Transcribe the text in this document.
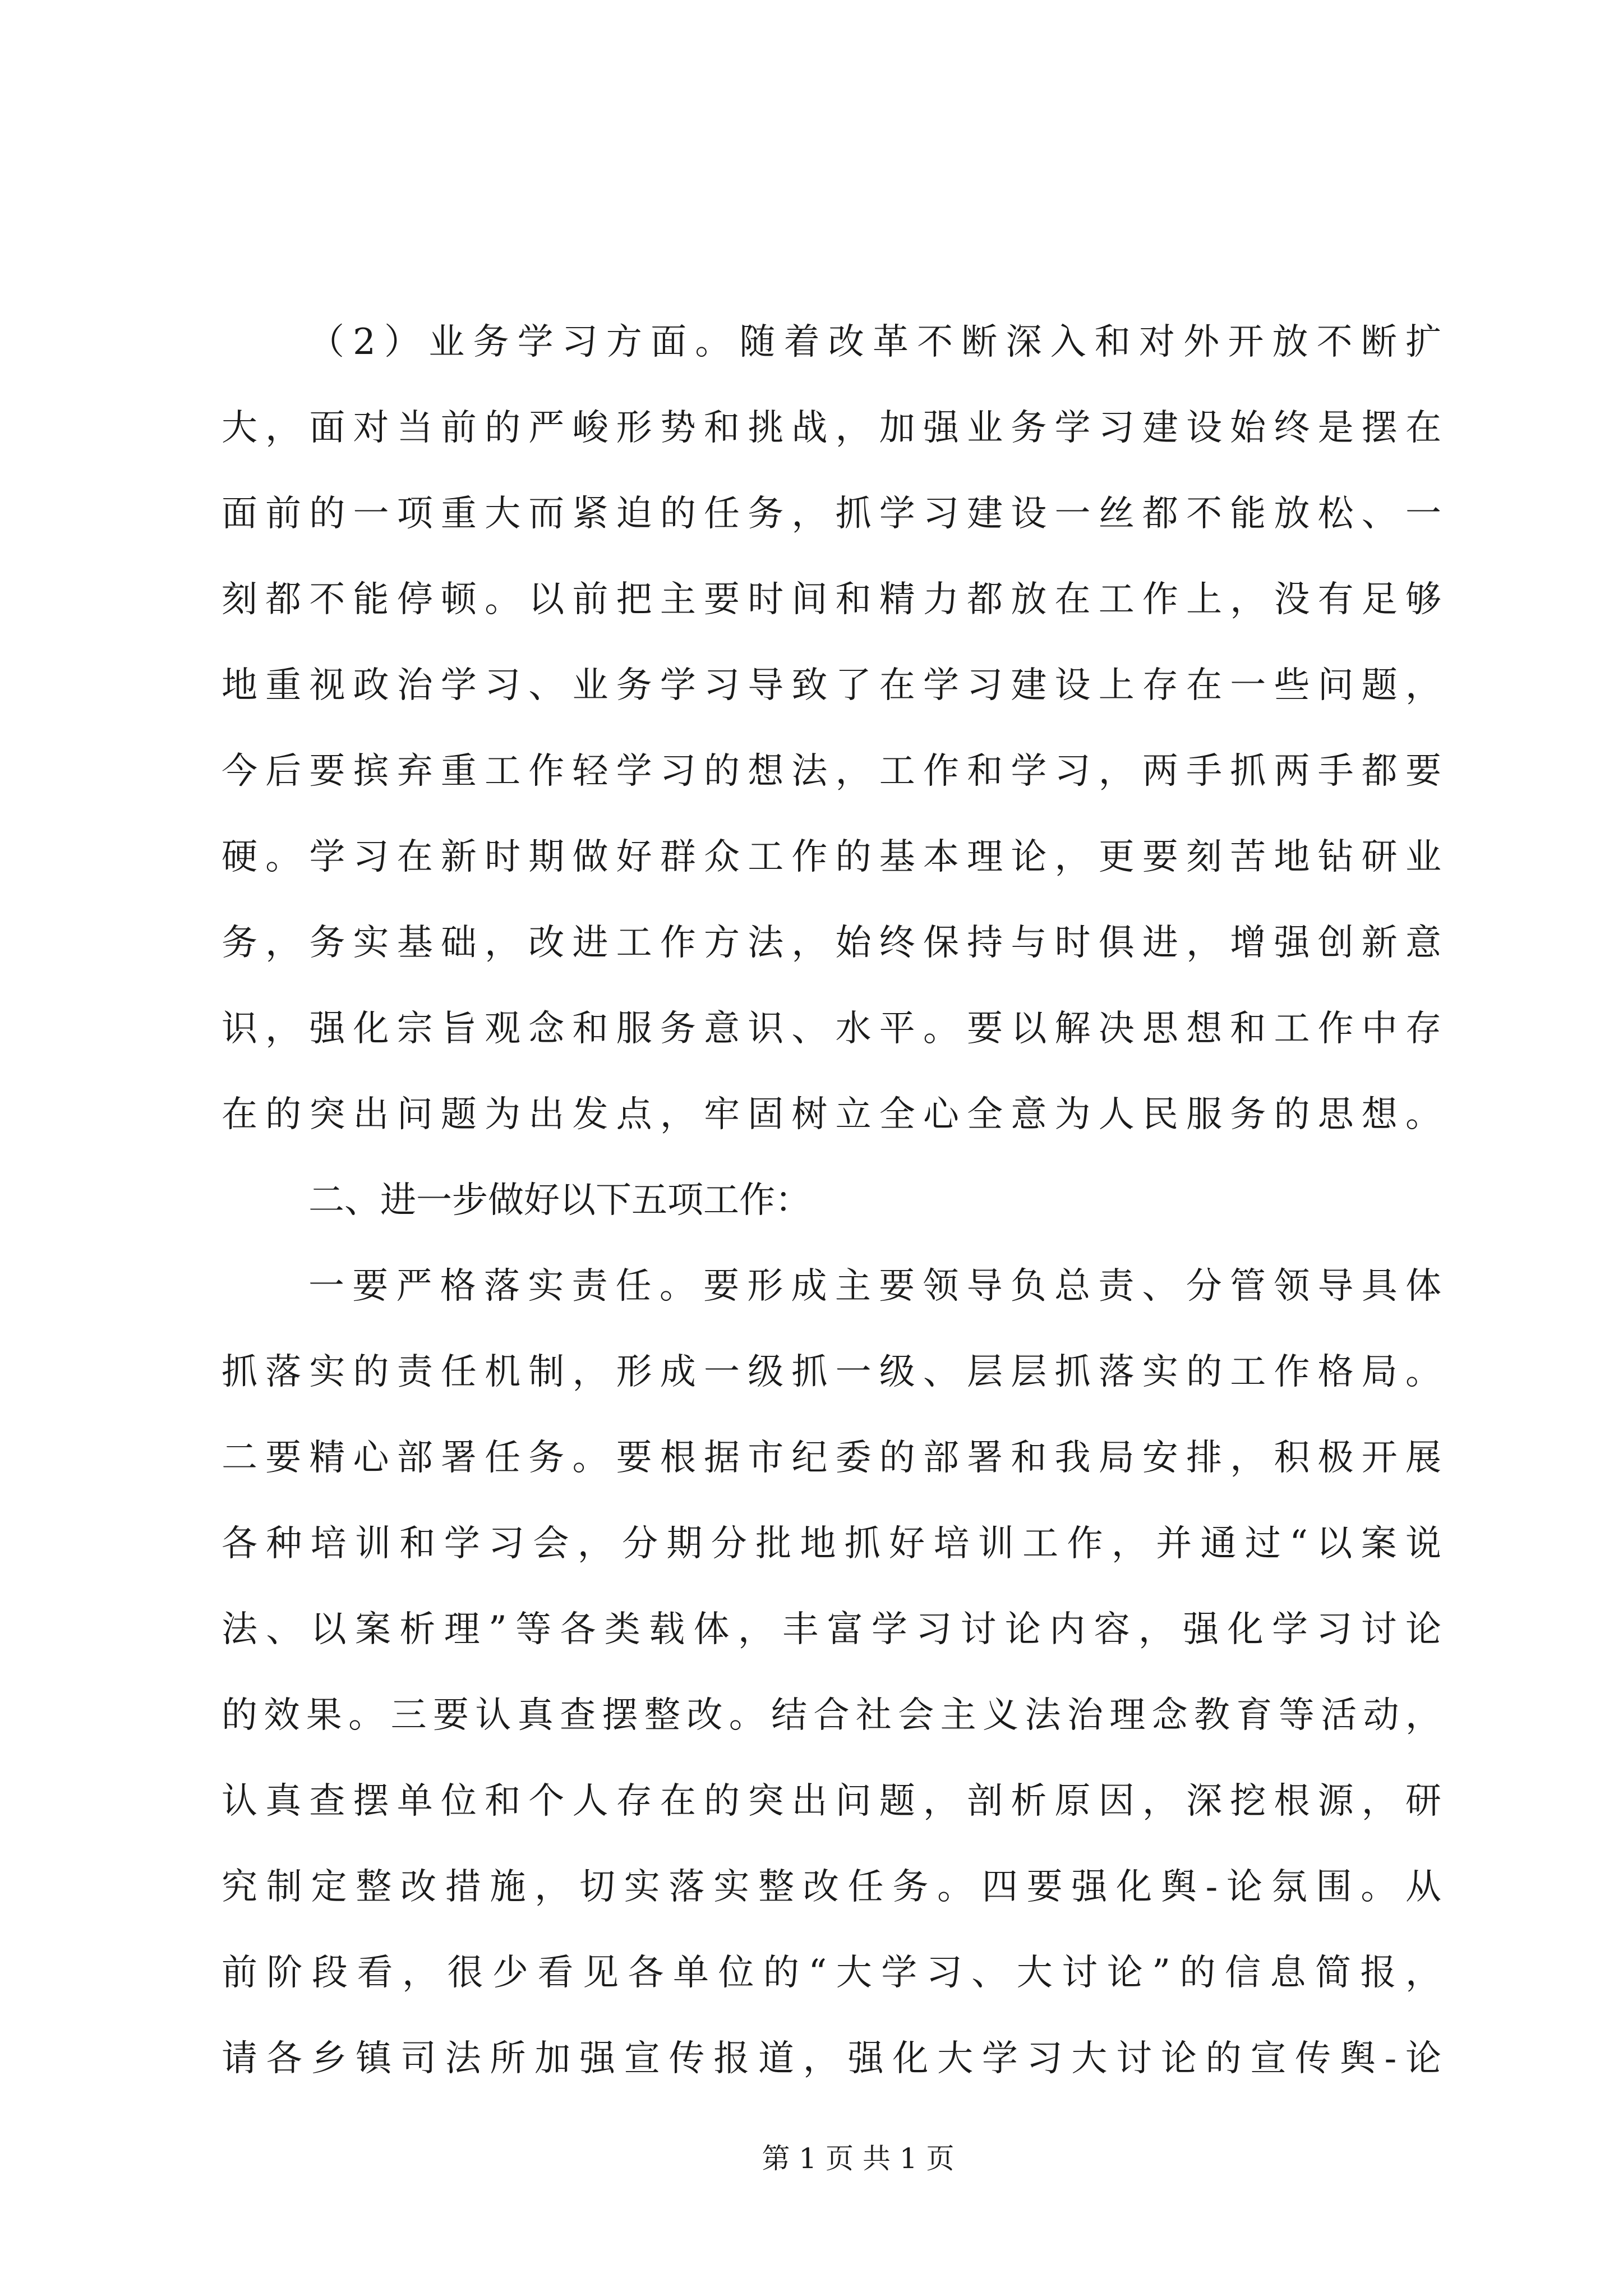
（2）业务学习方面。随着改革不断深入和对外开放不断扩
大，面对当前的严峻形势和挑战，加强业务学习建设始终是摆在
面前的一项重大而紧迫的任务，抓学习建设一丝都不能放松、一
刻都不能停顿。以前把主要时间和精力都放在工作上，没有足够
地重视政治学习、业务学习导致了在学习建设上存在一些问题，
今后要摈弃重工作轻学习的想法，工作和学习，两手抓两手都要
硬。学习在新时期做好群众工作的基本理论，更要刻苦地钻研业
务，务实基础，改进工作方法，始终保持与时俱进，增强创新意
识，强化宗旨观念和服务意识、水平。要以解决思想和工作中存
在的突出问题为出发点，牢固树立全心全意为人民服务的思想。
二、进一步做好以下五项工作：
一要严格落实责任。要形成主要领导负总责、分管领导具体
抓落实的责任机制，形成一级抓一级、层层抓落实的工作格局。
二要精心部署任务。要根据市纪委的部署和我局安排，积极开展
各种培训和学习会，分期分批地抓好培训工作，并通过“以案说
法、以案析理”等各类载体，丰富学习讨论内容，强化学习讨论
的效果。三要认真查摆整改。结合社会主义法治理念教育等活动，
认真查摆单位和个人存在的突出问题，剖析原因，深挖根源，研
究制定整改措施，切实落实整改任务。四要强化舆-论氛围。从
前阶段看，很少看见各单位的“大学习、大讨论”的信息简报，
请各乡镇司法所加强宣传报道，强化大学习大讨论的宣传舆-论
第 1 页 共 1 页
